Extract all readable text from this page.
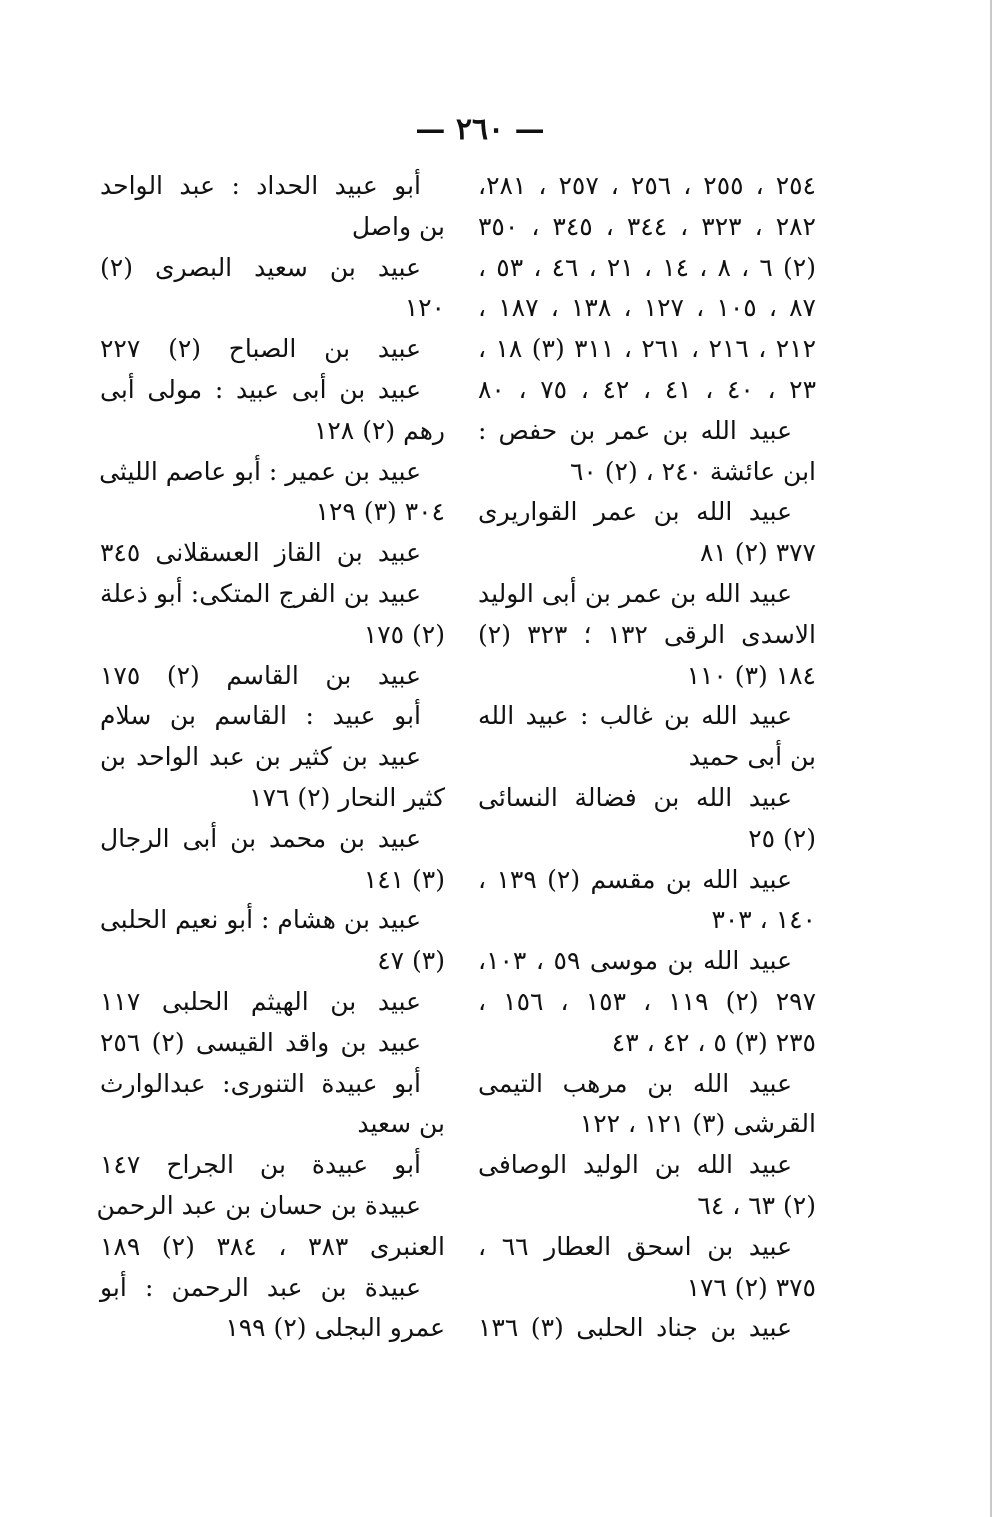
— ٢٦٠ —
٢٥٤ ، ٢٥٥ ، ٢٥٦ ، ٢٥٧ ، ٢٨١،
٢٨٢ ، ٣٢٣ ، ٣٤٤ ، ٣٤٥ ، ٣٥٠
(٢) ٦ ، ٨ ، ١٤ ، ٢١ ، ٤٦ ، ٥٣ ،
٨٧ ، ١٠٥ ، ١٢٧ ، ١٣٨ ، ١٨٧ ،
٢١٢ ، ٢١٦ ، ٢٦١ ، ٣١١ (٣) ١٨ ،
٢٣ ، ٤٠ ، ٤١ ، ٤٢ ، ٧٥ ، ٨٠
عبيد الله بن عمر بن حفص :
ابن عائشة ٢٤٠ ، (٢) ٦٠
عبيد الله بن عمر القواريرى
٣٧٧ (٢) ٨١
عبيد الله بن عمر بن أبى الوليد
الاسدى الرقى ١٣٢ ؛ ٣٢٣ (٢)
١٨٤ (٣) ١١٠
عبيد الله بن غالب : عبيد الله
بن أبى حميد
عبيد الله بن فضالة النسائى
(٢) ٢٥
عبيد الله بن مقسم (٢) ١٣٩ ،
١٤٠ ، ٣٠٣
عبيد الله بن موسى ٥٩ ، ١٠٣،
٢٩٧ (٢) ١١٩ ، ١٥٣ ، ١٥٦ ،
٢٣٥ (٣) ٥ ، ٤٢ ، ٤٣
عبيد الله بن مرهب التيمى
القرشى (٣) ١٢١ ، ١٢٢
عبيد الله بن الوليد الوصافى
(٢) ٦٣ ، ٦٤
عبيد بن اسحق العطار ٦٦ ،
٣٧٥ (٢) ١٧٦
عبيد بن جناد الحلبى (٣) ١٣٦
أبو عبيد الحداد : عبد الواحد
بن واصل
عبيد بن سعيد البصرى (٢)
١٢٠
عبيد بن الصباح (٢) ٢٢٧
عبيد بن أبى عبيد : مولى أبى
رهم (٢) ١٢٨
عبيد بن عمير : أبو عاصم الليثى
٣٠٤ (٣) ١٢٩
عبيد بن القاز العسقلانى ٣٤٥
عبيد بن الفرج المتكى: أبو ذعلة
(٢) ١٧٥
عبيد بن القاسم (٢) ١٧٥
أبو عبيد : القاسم بن سلام
عبيد بن كثير بن عبد الواحد بن
كثير النحار (٢) ١٧٦
عبيد بن محمد بن أبى الرجال
(٣) ١٤١
عبيد بن هشام : أبو نعيم الحلبى
(٣) ٤٧
عبيد بن الهيثم الحلبى ١١٧
عبيد بن واقد القيسى (٢) ٢٥٦
أبو عبيدة التنورى: عبدالوارث
بن سعيد
أبو عبيدة بن الجراح ١٤٧
عبيدة بن حسان بن عبد الرحمن
العنبرى ٣٨٣ ، ٣٨٤ (٢) ١٨٩
عبيدة بن عبد الرحمن : أبو
عمرو البجلى (٢) ١٩٩
